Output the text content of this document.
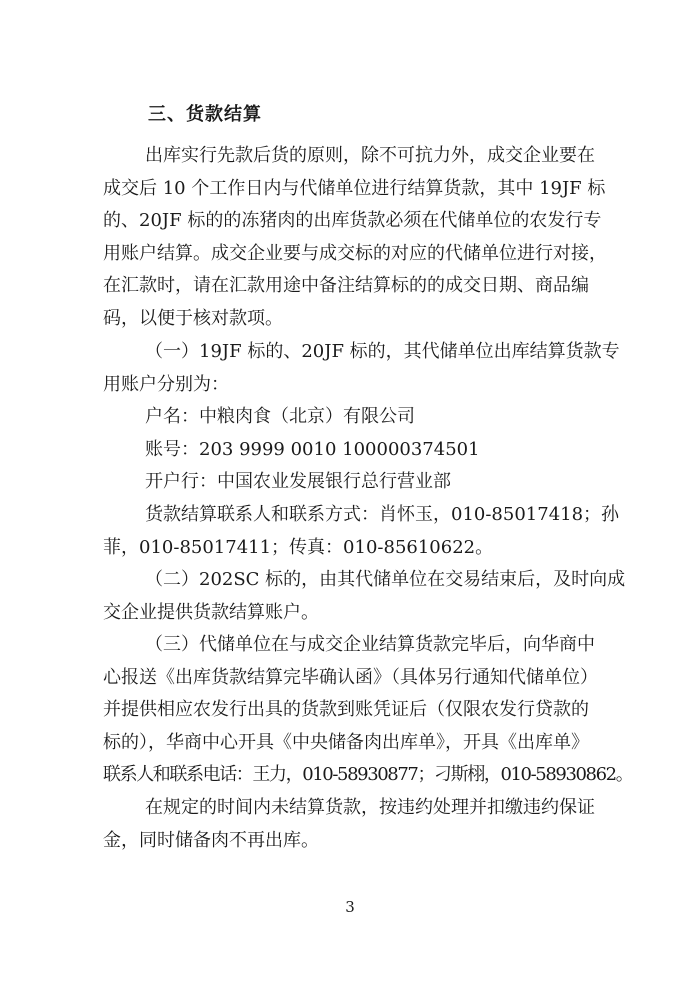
三、货款结算
出库实行先款后货的原则，除不可抗力外，成交企业要在
成交后 10 个工作日内与代储单位进行结算货款，其中 19JF 标
的、20JF 标的的冻猪肉的出库货款必须在代储单位的农发行专
用账户结算。成交企业要与成交标的对应的代储单位进行对接，
在汇款时，请在汇款用途中备注结算标的的成交日期、商品编
码，以便于核对款项。
（一）19JF 标的、20JF 标的，其代储单位出库结算货款专
用账户分别为：
户名：中粮肉食（北京）有限公司
账号：203 9999 0010 100000374501
开户行：中国农业发展银行总行营业部
货款结算联系人和联系方式：肖怀玉，010-85017418；孙
菲，010-85017411；传真：010-85610622。
（二）202SC 标的，由其代储单位在交易结束后，及时向成
交企业提供货款结算账户。
（三）代储单位在与成交企业结算货款完毕后，向华商中
心报送《出库货款结算完毕确认函》（具体另行通知代储单位）
并提供相应农发行出具的货款到账凭证后（仅限农发行贷款的
标的），华商中心开具《中央储备肉出库单》，开具《出库单》
联系人和联系电话：王力，010-58930877；刁斯栩，010-58930862。
在规定的时间内未结算货款，按违约处理并扣缴违约保证
金，同时储备肉不再出库。
3
